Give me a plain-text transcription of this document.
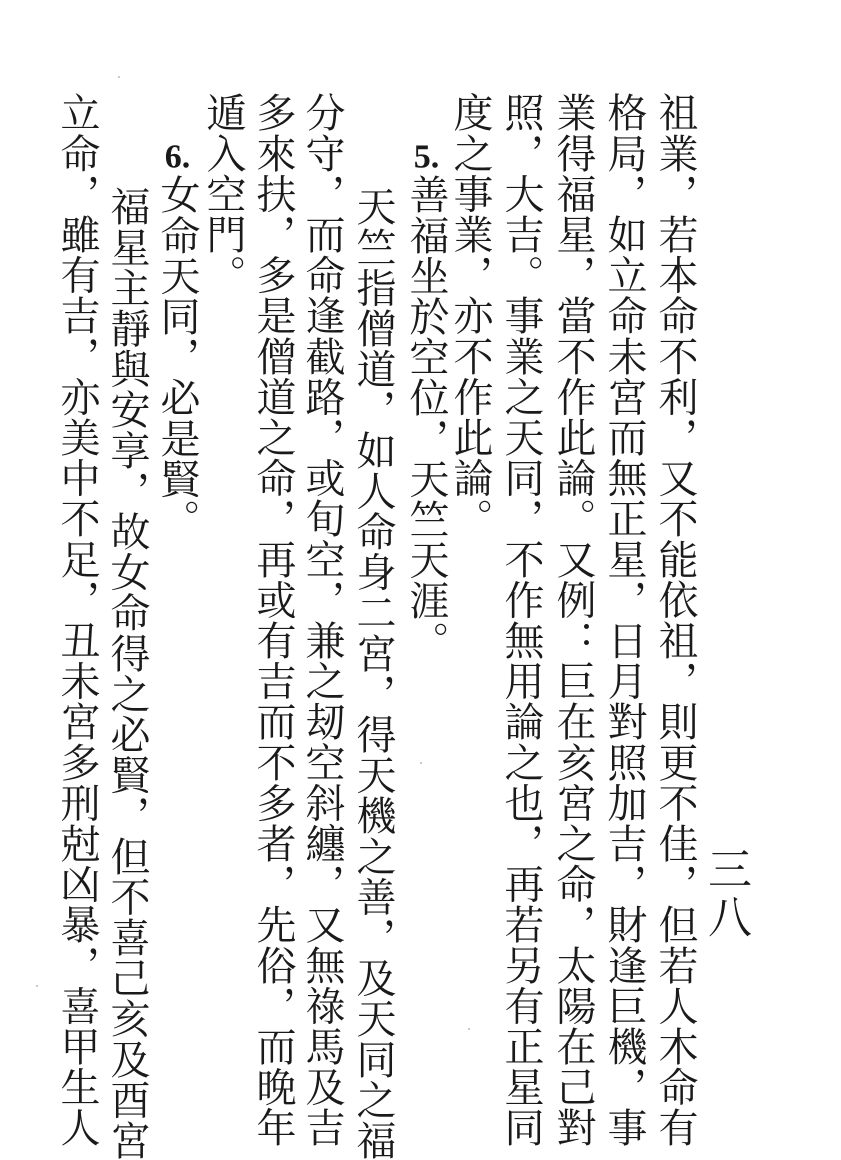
三八
祖業，若本命不利，又不能依祖，則更不佳，但若人木命有
格局，如立命未宮而無正星，日月對照加吉，財逢巨機，事
業得福星，當不作此論。又例：巨在亥宮之命，太陽在己對
照，大吉。事業之天同，不作無用論之也，再若另有正星同
度之事業，亦不作此論。
5.善福坐於空位，天竺天涯。
天竺指僧道，如人命身二宮，得天機之善，及天同之福
分守，而命逢截路，或旬空，兼之刼空斜纏，又無祿馬及吉
多來扶，多是僧道之命，再或有吉而不多者，先俗，而晚年
遁入空門。
6.女命天同，必是賢。
福星主靜與安享，故女命得之必賢，但不喜己亥及酉宮
立命，雖有吉，亦美中不足，丑未宮多刑尅凶暴，喜甲生人
